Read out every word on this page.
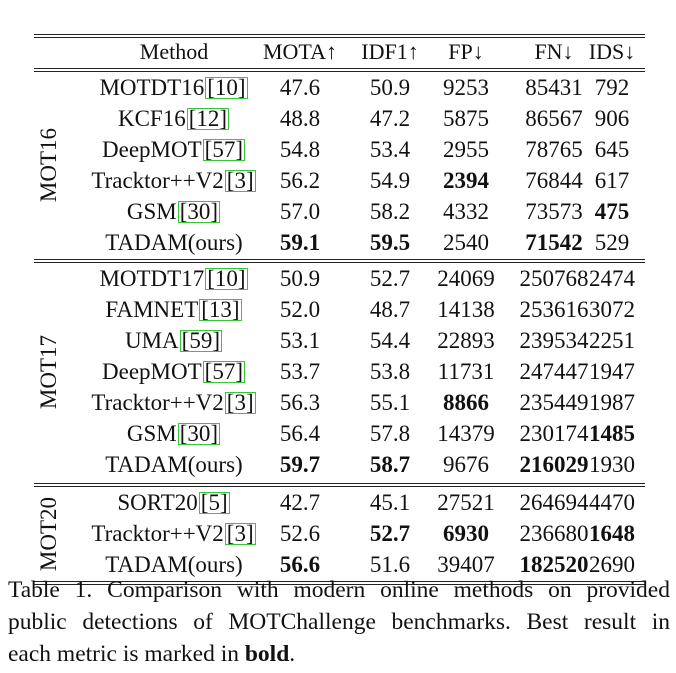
Method	MOTA↑	IDF1↑	FP↓	FN↓ IDS↓
MOT16
MOTDT16 [10]	47.6	50.9	9253	85431 792
KCF16 [12]	48.8	47.2	5875	86567 906
DeepMOT [57]	54.8	53.4	2955	78765 645
Tracktor++V2 [3]	56.2	54.9	2394	76844 617
GSM [30]	57.0	58.2	4332	73573 475
TADAM(ours)	59.1	59.5	2540	71542 529
MOT17
MOTDT17 [10]	50.9	52.7	24069	250768 2474
FAMNET [13]	52.0	48.7	14138	253616 3072
UMA [59]	53.1	54.4	22893	239534 2251
DeepMOT [57]	53.7	53.8	11731	247447 1947
Tracktor++V2 [3]	56.3	55.1	8866	235449 1987
GSM [30]	56.4	57.8	14379	230174 1485
TADAM(ours)	59.7	58.7	9676	216029 1930
MOT20	SORT20 [5]	42.7	45.1	27521	264694 4470
Tracktor++V2 [3]	52.6	52.7	6930	236680 1648
TADAM(ours)	56.6	51.6	39407	182520 2690

Table 1. Comparison with modern online methods on provided

public detections of MOTChallenge benchmarks. Best result in

each metric is marked in bold.
